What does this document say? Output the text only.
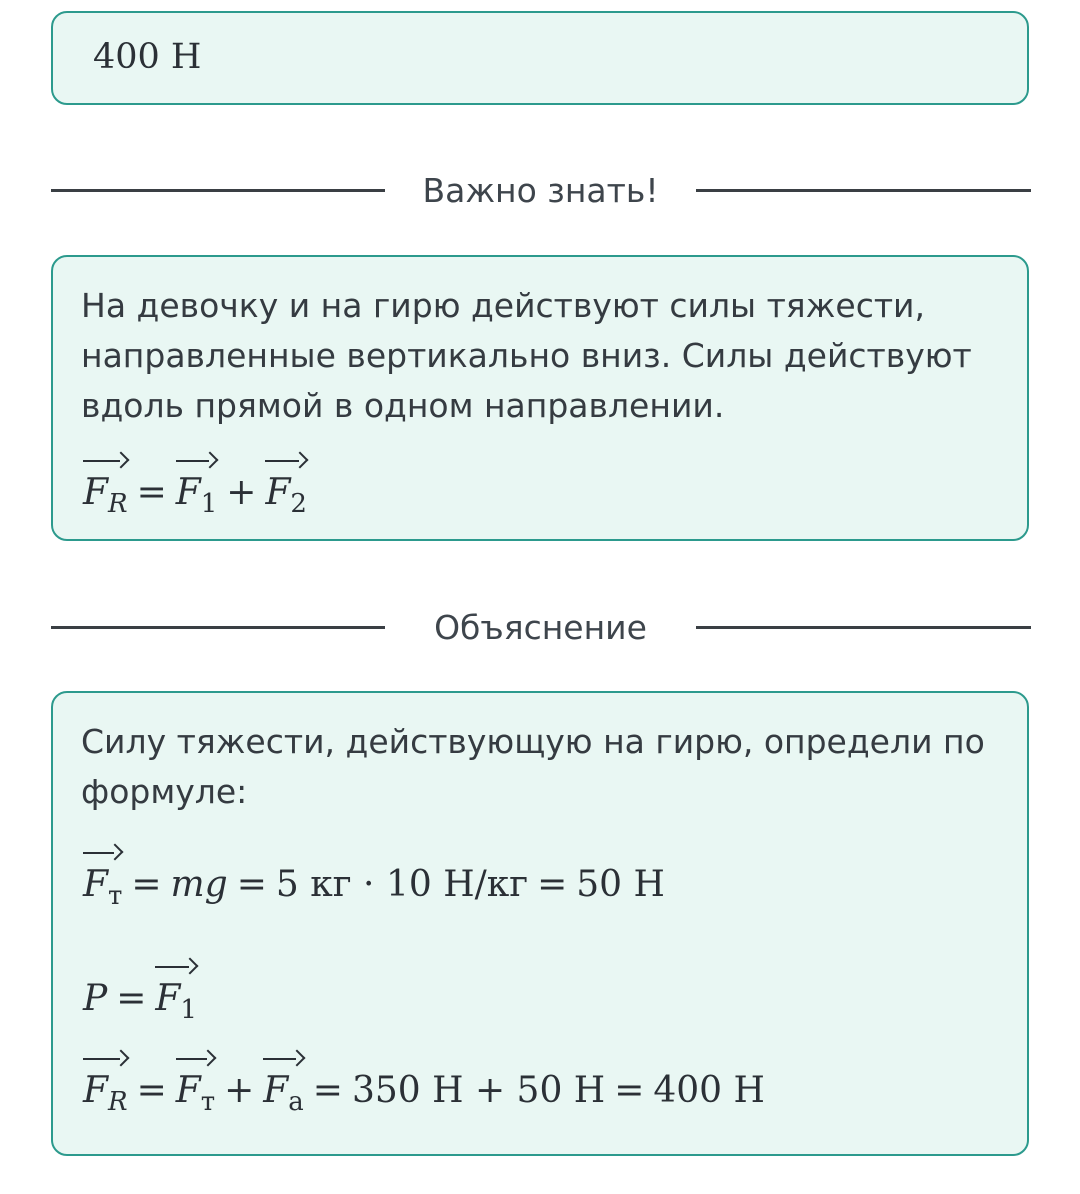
400 Н
Важно знать!
На девочку и на гирю действуют силы тяжести, направленные вертикально вниз. Силы действуют вдоль прямой в одном направлении.
$F_R = F_1 + F_2$
Объяснение
Силу тяжести, действующую на гирю, определи по формуле:
$F_т$ = mg = 5 кг · 10 Н/кг = 50 Н
$P = F_1$
$F_R = F_т + F_а = 350$ Н + 50 Н = 400 Н
